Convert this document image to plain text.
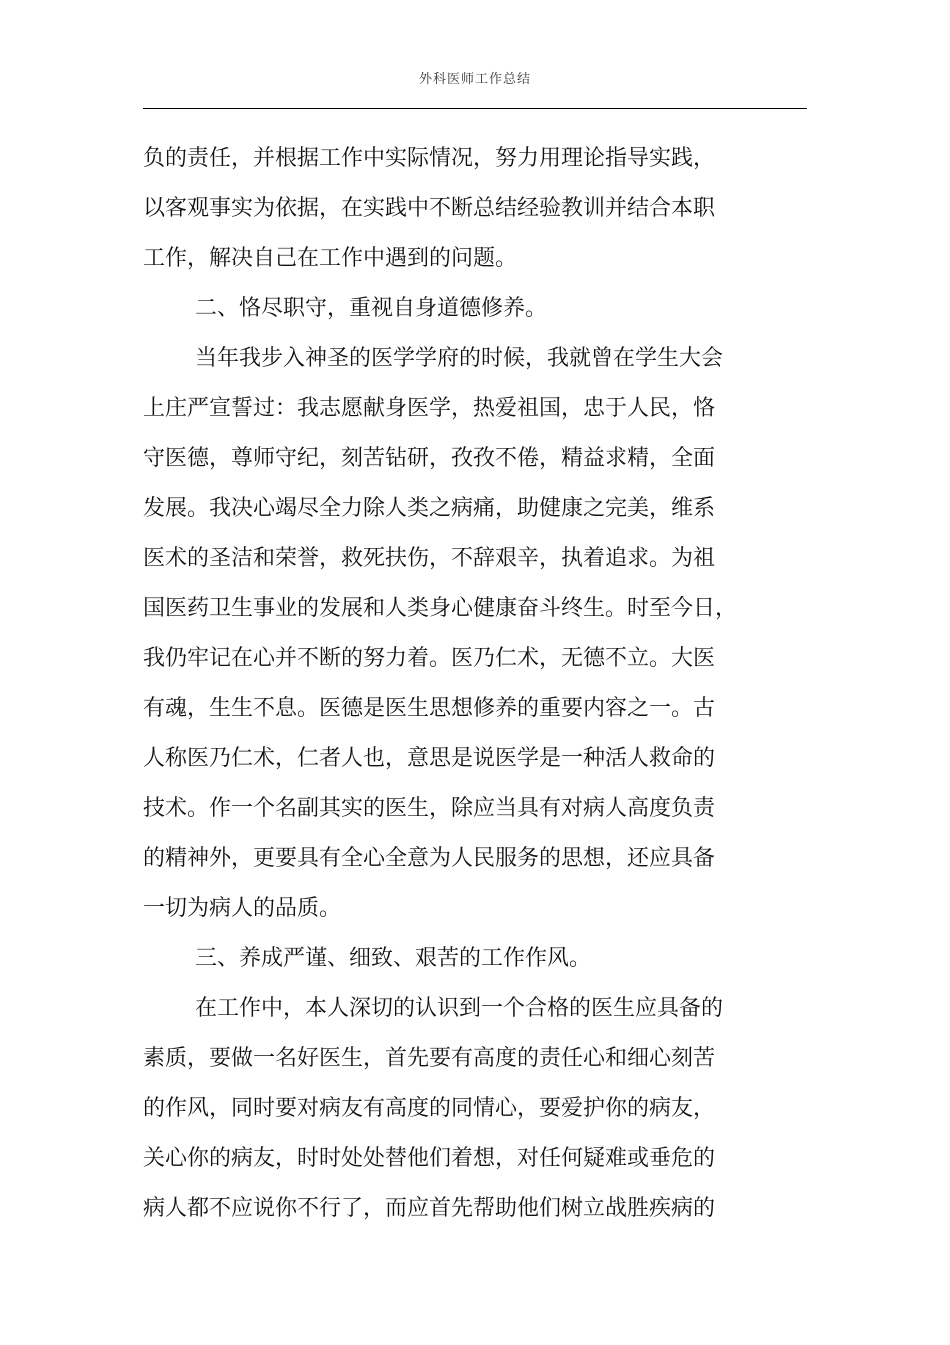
外科医师工作总结
负的责任，并根据工作中实际情况，努力用理论指导实践，
以客观事实为依据，在实践中不断总结经验教训并结合本职
工作，解决自己在工作中遇到的问题。
二、恪尽职守，重视自身道德修养。
当年我步入神圣的医学学府的时候，我就曾在学生大会
上庄严宣誓过：我志愿献身医学，热爱祖国，忠于人民，恪
守医德，尊师守纪，刻苦钻研，孜孜不倦，精益求精，全面
发展。我决心竭尽全力除人类之病痛，助健康之完美，维系
医术的圣洁和荣誉，救死扶伤，不辞艰辛，执着追求。为祖
国医药卫生事业的发展和人类身心健康奋斗终生。时至今日，
我仍牢记在心并不断的努力着。医乃仁术，无德不立。大医
有魂，生生不息。医德是医生思想修养的重要内容之一。古
人称医乃仁术，仁者人也，意思是说医学是一种活人救命的
技术。作一个名副其实的医生，除应当具有对病人高度负责
的精神外，更要具有全心全意为人民服务的思想，还应具备
一切为病人的品质。
三、养成严谨、细致、艰苦的工作作风。
在工作中，本人深切的认识到一个合格的医生应具备的
素质，要做一名好医生，首先要有高度的责任心和细心刻苦
的作风，同时要对病友有高度的同情心，要爱护你的病友，
关心你的病友，时时处处替他们着想，对任何疑难或垂危的
病人都不应说你不行了，而应首先帮助他们树立战胜疾病的
